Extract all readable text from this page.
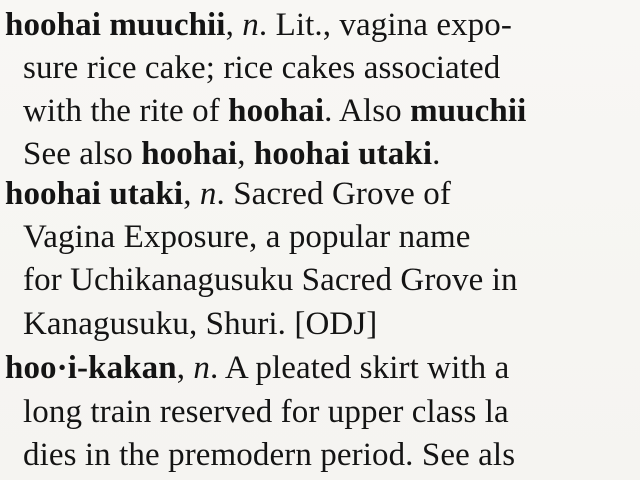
hoohai muuchii, n. Lit., vagina expo-
sure rice cake; rice cakes associated
with the rite of hoohai. Also muuchii
See also hoohai, hoohai utaki.
hoohai utaki, n. Sacred Grove of
Vagina Exposure, a popular name
for Uchikanagusuku Sacred Grove in
Kanagusuku, Shuri. [ODJ]
hoo·i-kakan, n. A pleated skirt with a
long train reserved for upper class la
dies in the premodern period. See als
